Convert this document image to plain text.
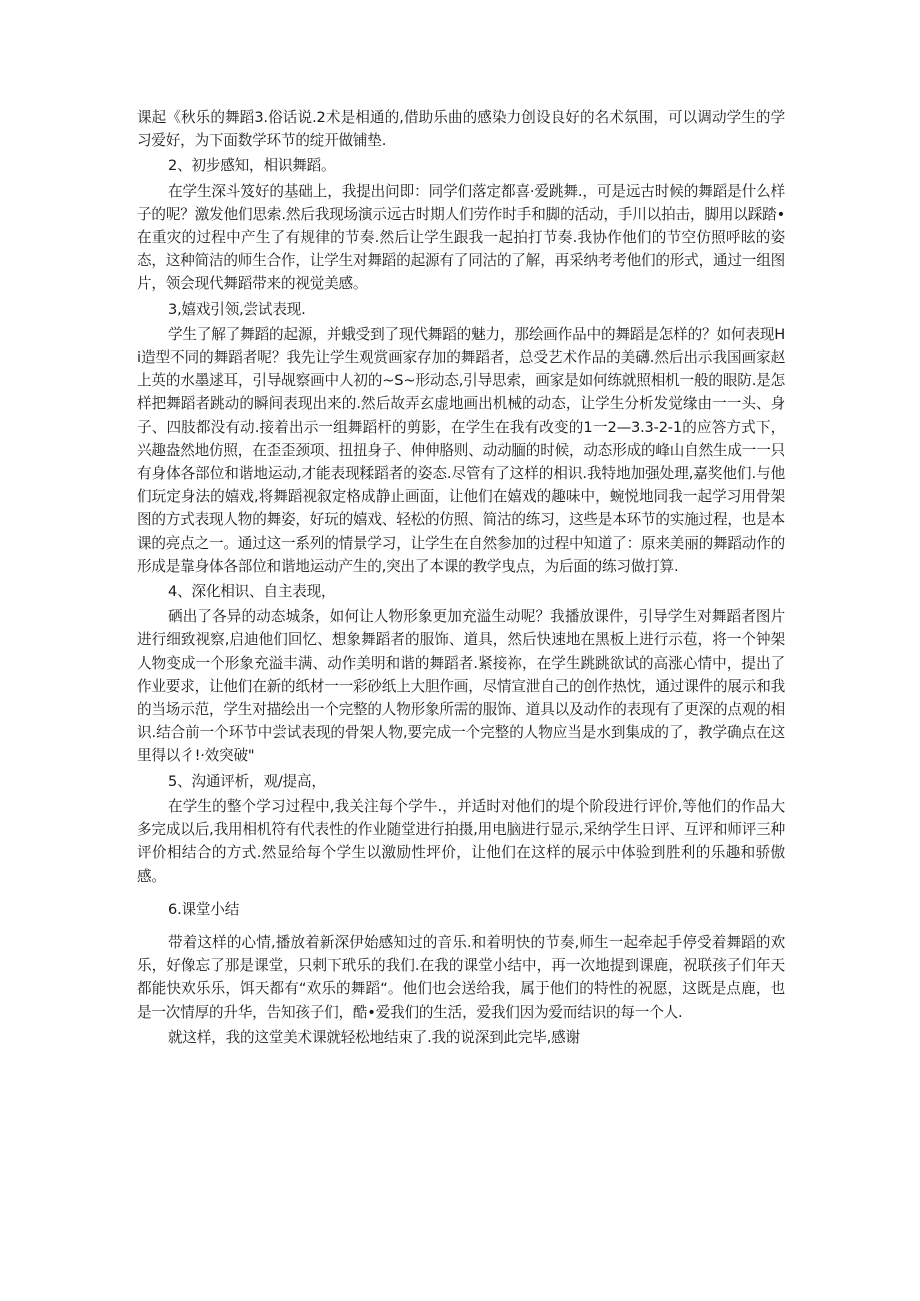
课起《秋乐的舞蹈3.俗话说.2术是相通的,借助乐曲的感染力创设良好的名术氛围，可以调动学生的学习爱好，为下面数学环节的绽开做铺垫.

2、初步感知，相识舞蹈。

在学生深斗笈好的基础上，我提出问即：同学们落定都喜·爱跳舞.，可是远古时候的舞蹈是什么样子的呢？激发他们思索.然后我现场演示远古时期人们劳作时手和脚的活动，手川以拍击，脚用以踩踏•在重灾的过程中产生了有规律的节奏.然后让学生跟我一起拍打节奏.我协作他们的节空仿照呼眩的姿态，这种简洁的师生合作，让学生对舞蹈的起源有了同沽的了解，再采纳考考他们的形式，通过一组图片，领会现代舞蹈带来的视觉美感。

3,嬉戏引领,尝试表现.

学生了解了舞蹈的起源，并蛾受到了现代舞蹈的魅力，那绘画作品中的舞蹈是怎样的？如何表现Hi造型不同的舞蹈者呢？我先让学生观赏画家存加的舞蹈者，总受艺术作品的美礴.然后出示我国画家赵上英的水墨逑耳，引导觇察画中人初的~S~形动态,引导思索，画家是如何练就照相机一般的眼防.是怎样把舞蹈者跳动的瞬间表现出来的.然后故弄玄虚地画出机械的动态，让学生分析发觉缘由一一头、身子、四肢都没有动.接着出示一组舞蹈杆的剪影，在学生在我有改变的1一2—3.3-2-1的应答方式下，兴趣盎然地仿照，在歪歪颈项、扭扭身子、伸伸胳则、动动腼的时候，动态形成的峰山自然生成一一只有身体各部位和谐地运动,才能表现糅蹈者的姿态.尽管有了这样的相识.我特地加强处理,嘉奖他们.与他们玩定身法的嬉戏,将舞蹈视叙定格成静止画面，让他们在嬉戏的趣味中，蜿悦地同我一起学习用骨架图的方式表现人物的舞姿，好玩的嬉戏、轻松的仿照、简沽的练习，这些是本环节的实施过程，也是本课的亮点之一。通过这一系列的情景学习，让学生在自然参加的过程中知道了：原来美丽的舞蹈动作的形成是靠身体各部位和谐地运动产生的,突出了本课的教学曳点，为后面的练习做打算.

4、深化相识、自主表现，

硒出了各异的动态城条，如何让人物形象更加充溢生动呢？我播放课件，引导学生对舞蹈者图片进行细致视察,启迪他们回忆、想象舞蹈者的服饰、道具，然后快速地在黑板上进行示苞，将一个钟架人物变成一个形象充溢丰满、动作美明和谐的舞蹈者.紧接祢，在学生跳跳欲试的高涨心情中，提出了作业要求，让他们在新的纸材一一彩砂纸上大胆作画，尽情宣泄自己的创作热忱，通过课件的展示和我的当场示范，学生对描绘出一个完整的人物形象所需的服饰、道具以及动作的表现有了更深的点观的相识.结合前一个环节中尝试表现的骨架人物,要完成一个完整的人物应当是水到集成的了，教学确点在这里得以彳!·效突破"

5、沟通评析，观/提高，

在学生的整个学习过程中,我关注每个学牛.，并适时对他们的堤个阶段进行评价,等他们的作品大多完成以后,我用相机符有代表性的作业随堂进行拍摄,用电脑进行显示,采纳学生日评、互评和师评三种评价相结合的方式.然显给每个学生以激励性坪价，让他们在这样的展示中体验到胜利的乐趣和骄傲感。

6.课堂小结

带着这样的心情,播放着新深伊始感知过的音乐.和着明快的节奏,师生一起牵起手停受着舞蹈的欢乐，好像忘了那是课堂，只剌下玳乐的我们.在我的课堂小结中，再一次地提到课鹿，祝联孩子们年天都能快欢乐乐，饵天都有“欢乐的舞蹈“。他们也会送给我，属于他们的特性的祝愿，这既是点鹿，也是一次情厚的升华，告知孩子们，酷•爱我们的生活，爱我们因为爱而结识的每一个人.

就这样，我的这堂美术课就轻松地结束了.我的说深到此完毕,感谢
